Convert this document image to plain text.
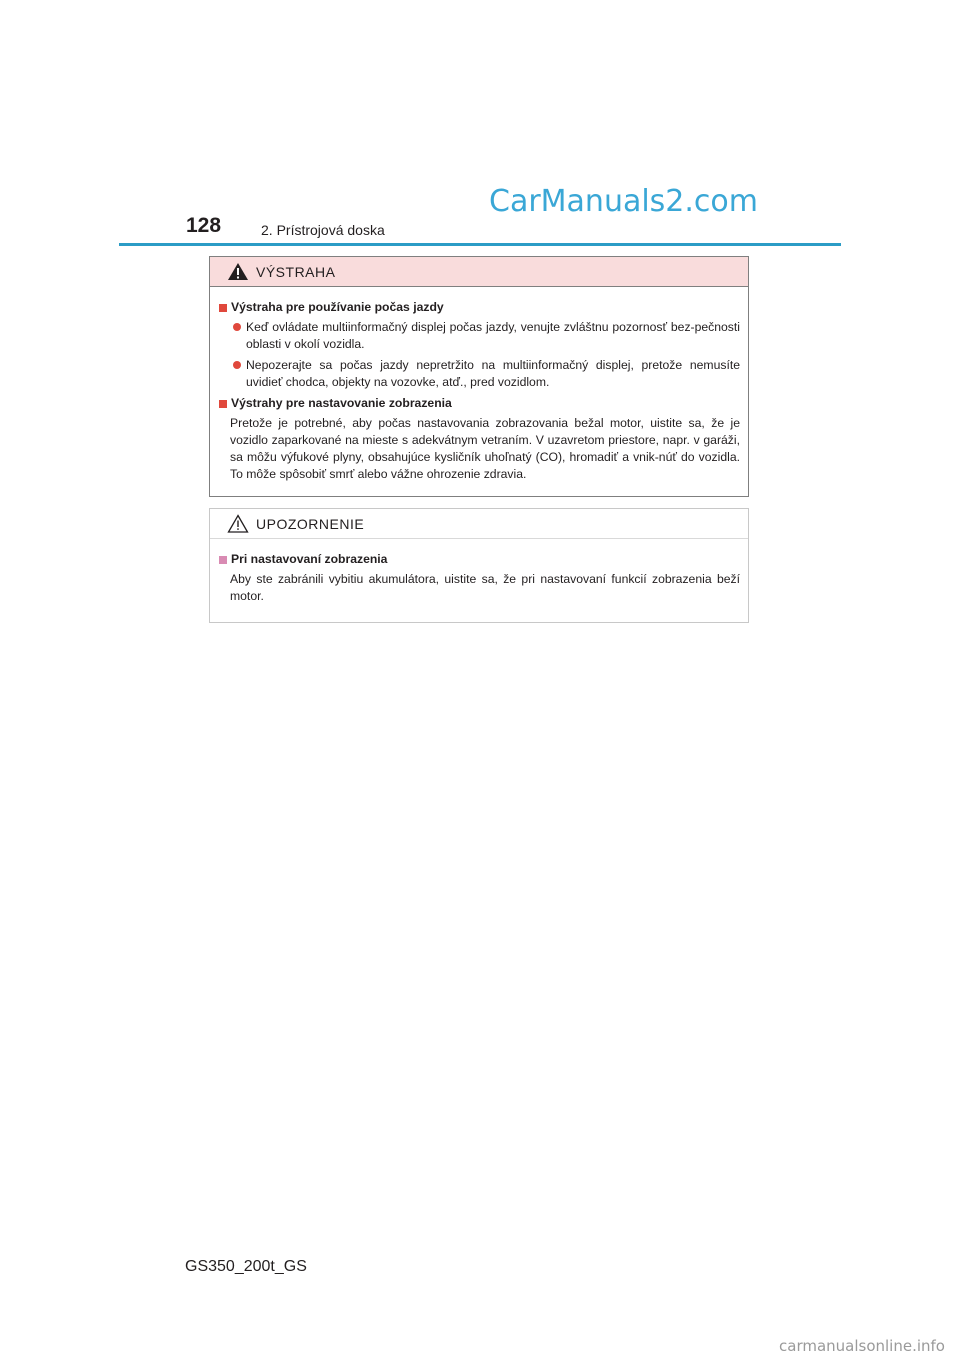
CarManuals2.com
128	2. Prístrojová doska
VÝSTRAHA
Výstraha pre používanie počas jazdy

Keď ovládate multiinformačný displej počas jazdy, venujte zvláštnu pozornosť bez-pečnosti oblasti v okolí vozidla.

Nepozerajte sa počas jazdy nepretržito na multiinformačný displej, pretože nemusíte uvidieť chodca, objekty na vozovke, atď., pred vozidlom.

Výstrahy pre nastavovanie zobrazenia

Pretože je potrebné, aby počas nastavovania zobrazovania bežal motor, uistite sa, že je vozidlo zaparkované na mieste s adekvátnym vetraním. V uzavretom priestore, napr. v garáži, sa môžu výfukové plyny, obsahujúce kysličník uhoľnatý (CO), hromadiť a vnik-núť do vozidla. To môže spôsobiť smrť alebo vážne ohrozenie zdravia.

UPOZORNENIE
Pri nastavovaní zobrazenia

Aby ste zabránili vybitiu akumulátora, uistite sa, že pri nastavovaní funkcií zobrazenia beží motor.

GS350_200t_GS
carmanualsonline.info
